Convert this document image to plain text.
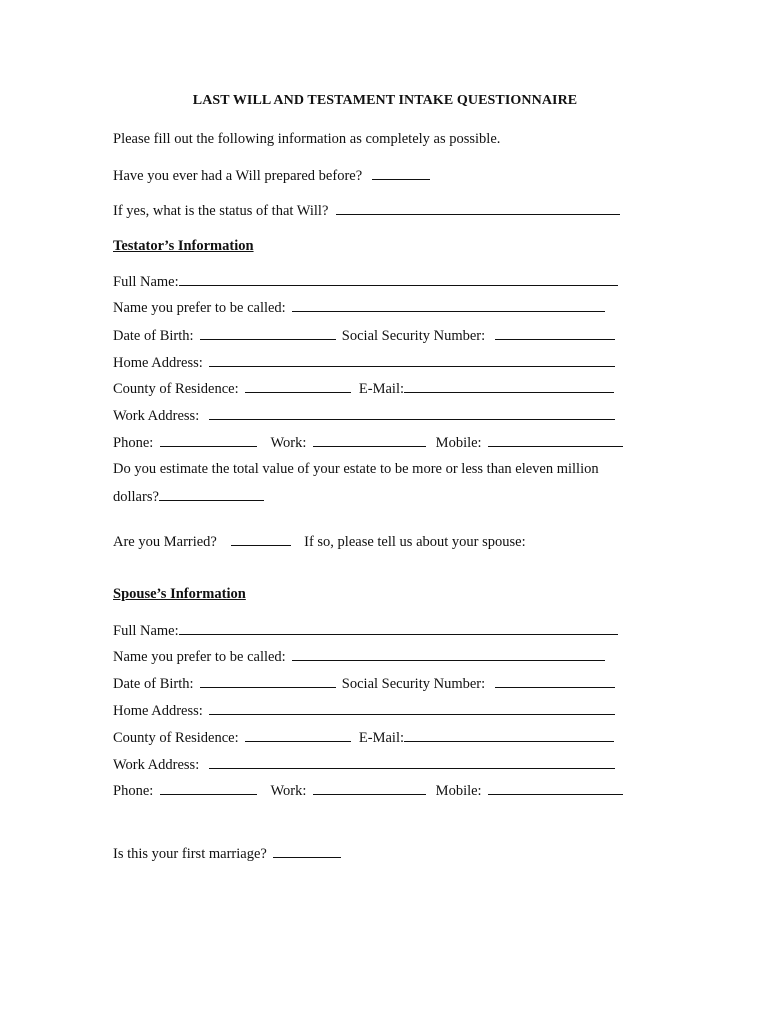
LAST WILL AND TESTAMENT INTAKE QUESTIONNAIRE
Please fill out the following information as completely as possible.
Have you ever had a Will prepared before?
If yes, what is the status of that Will?
Testator’s Information
Full Name:
Name you prefer to be called:
Date of Birth:	Social Security Number:
Home Address:
County of Residence:	E-Mail:
Work Address:
Phone:	Work:	Mobile:
Do you estimate the total value of your estate to be more or less than eleven million
dollars?
Are you Married?	If so, please tell us about your spouse:
Spouse’s Information
Full Name:
Name you prefer to be called:
Date of Birth:	Social Security Number:
Home Address:
County of Residence:	E-Mail:
Work Address:
Phone:	Work:	Mobile:
Is this your first marriage?
